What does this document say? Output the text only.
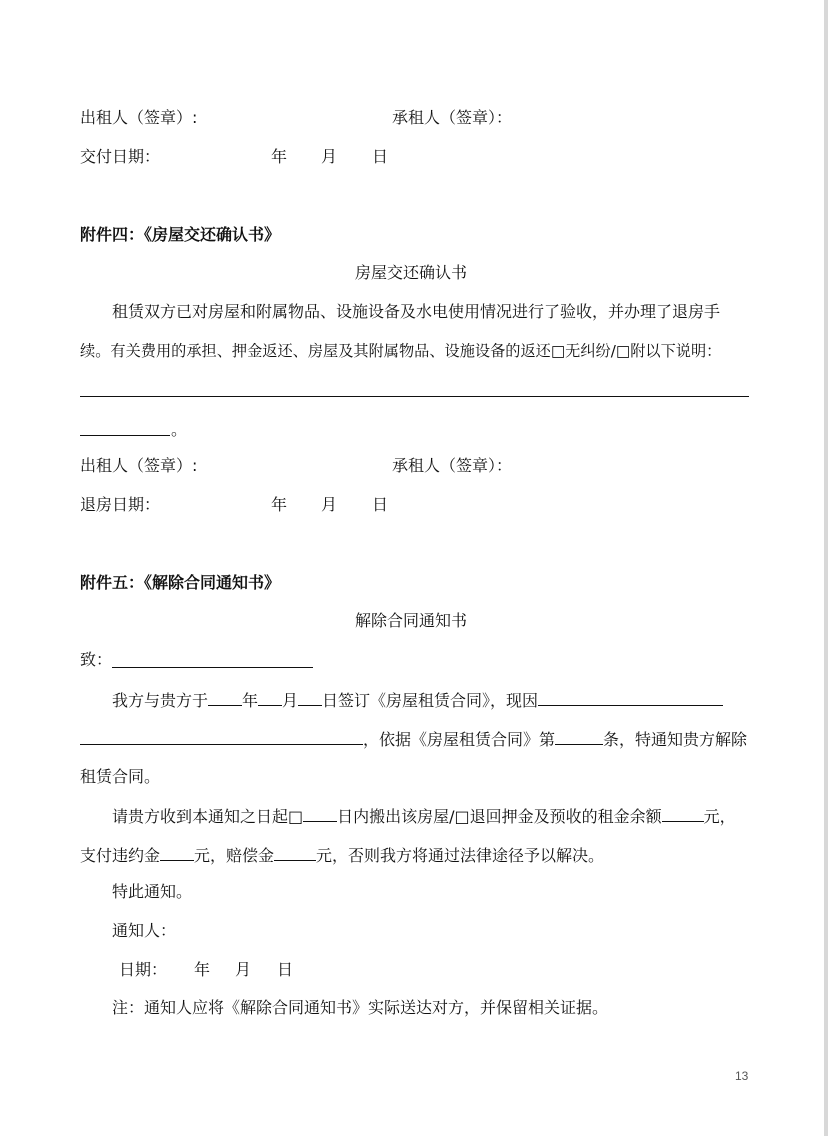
出租人（签章）:	承租人（签章）：
交付日期：	年 月 日
附件四：《房屋交还确认书》
房屋交还确认书
租赁双方已对房屋和附属物品、设施设备及水电使用情况进行了验收，并办理了退房手
续。有关费用的承担、押金返还、房屋及其附属物品、设施设备的返还□无纠纷/□附以下说明：
。
出租人（签章）:	承租人（签章）：
退房日期：	年 月 日
附件五：《解除合同通知书》
解除合同通知书
致：
我方与贵方于 年 月 日签订《房屋租赁合同》，现因
，依据《房屋租赁合同》第	条，特通知贵方解除
租赁合同。
请贵方收到本通知之日起□ 日内搬出该房屋/□退回押金及预收的租金余额	元，
支付违约金 元，赔偿金	元，否则我方将通过法律途径予以解决。
特此通知。
通知人：
日期： 年 月 日
注：通知人应将《解除合同通知书》实际送达对方，并保留相关证据。
13
